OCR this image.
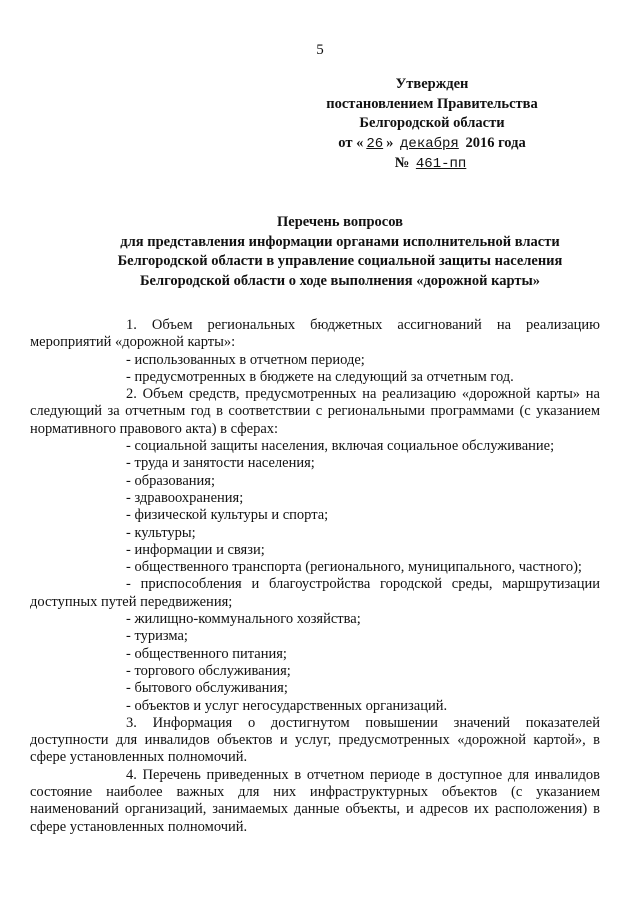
5
Утвержден
постановлением Правительства
Белгородской области
от « 26 » декабря 2016 года
№ 461-пп
Перечень вопросов
для представления информации органами исполнительной власти
Белгородской области в управление социальной защиты населения
Белгородской области о ходе выполнения «дорожной карты»

1. Объем региональных бюджетных ассигнований на реализацию мероприятий «дорожной карты»:

- использованных в отчетном периоде;

- предусмотренных в бюджете на следующий за отчетным год.

2. Объем средств, предусмотренных на реализацию «дорожной карты» на следующий за отчетным год в соответствии с региональными программами (с указанием нормативного правового акта) в сферах:

- социальной защиты населения, включая социальное обслуживание;

- труда и занятости населения;

- образования;

- здравоохранения;

- физической культуры и спорта;

- культуры;

- информации и связи;

- общественного транспорта (регионального, муниципального, частного);

- приспособления и благоустройства городской среды, маршрутизации доступных путей передвижения;

- жилищно-коммунального хозяйства;

- туризма;

- общественного питания;

- торгового обслуживания;

- бытового обслуживания;

- объектов и услуг негосударственных организаций.

3. Информация о достигнутом повышении значений показателей доступности для инвалидов объектов и услуг, предусмотренных «дорожной картой», в сфере установленных полномочий.

4. Перечень приведенных в отчетном периоде в доступное для инвалидов состояние наиболее важных для них инфраструктурных объектов (с указанием наименований организаций, занимаемых данные объекты, и адресов их расположения) в сфере установленных полномочий.
